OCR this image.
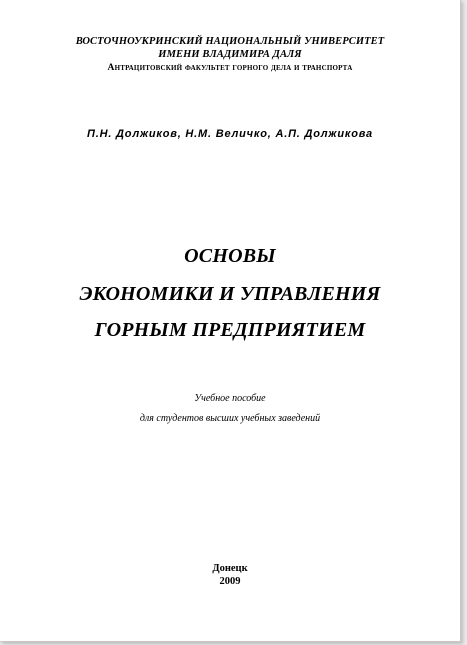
ВОСТОЧНОУКРИНСКИЙ НАЦИОНАЛЬНЫЙ УНИВЕРСИТЕТ

ИМЕНИ ВЛАДИМИРА ДАЛЯ

Антрацитовский факультет горного дела и транспорта

П.Н. Должиков, Н.М. Величко, А.П. Должикова

ОСНОВЫ

ЭКОНОМИКИ И УПРАВЛЕНИЯ

ГОРНЫМ ПРЕДПРИЯТИЕМ

Учебное пособие

для студентов высших учебных заведений

Донецк

2009
